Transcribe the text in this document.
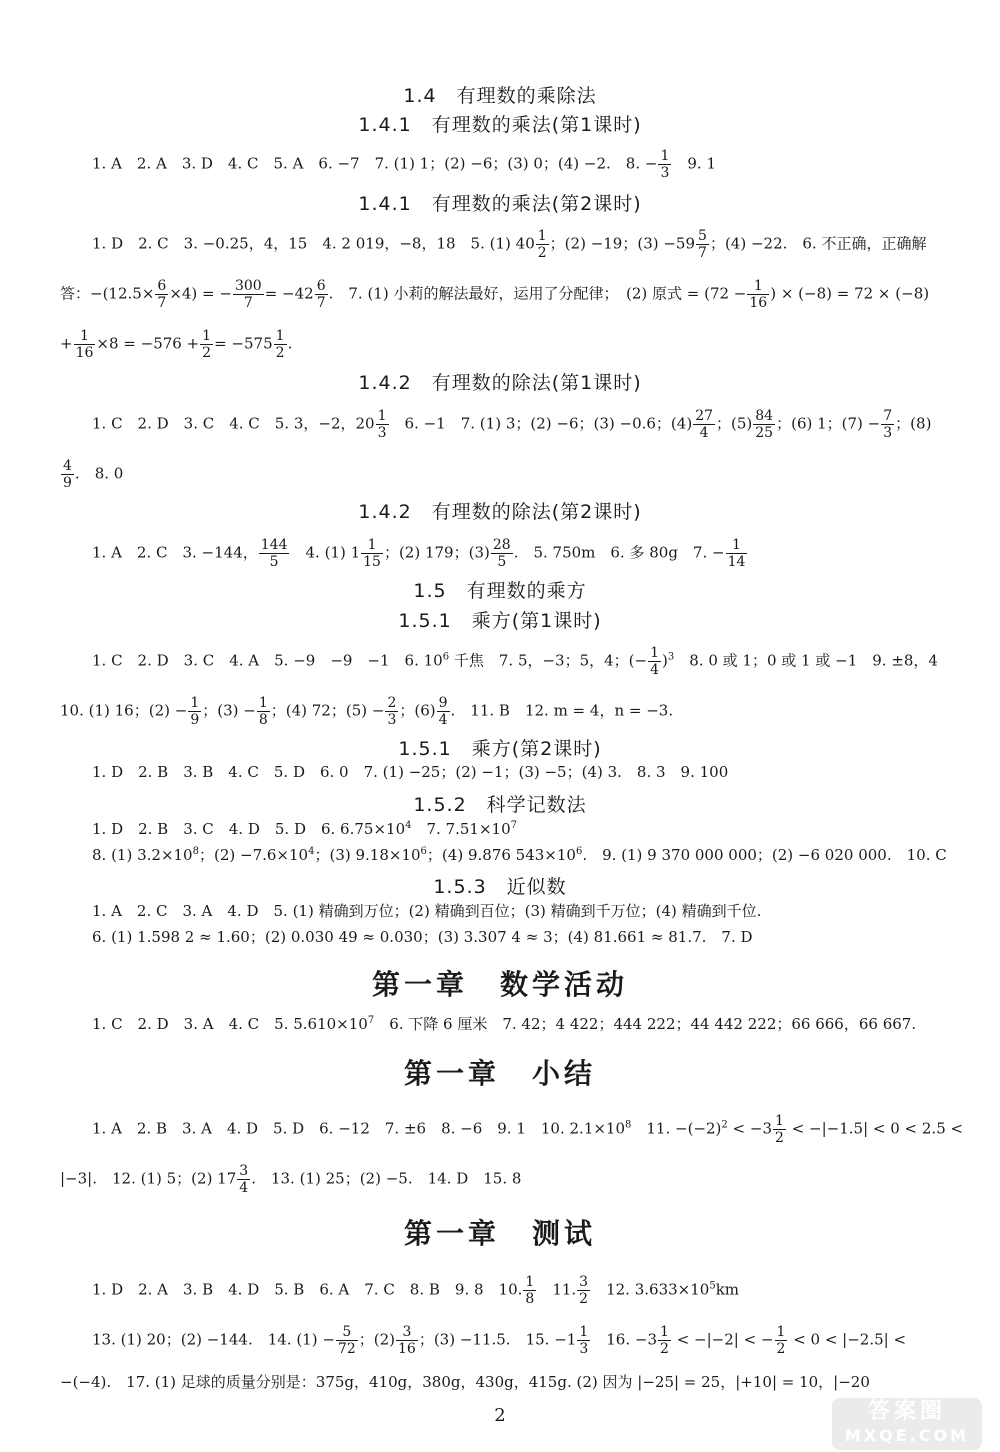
1.4　有理数的乘除法
1.4.1　有理数的乘法(第1课时)
1. A　2. A　3. D　4. C　5. A　6. −7　7. (1) 1；(2) −6；(3) 0；(4) −2.　8. − $\frac{1}{3}$ 　9. 1
1.4.1　有理数的乘法(第2课时)
1. D　2. C　3. −0.25，4，15　4. 2 019，−8，18　5. (1) $40 \frac{1}{2}$ ；(2) −19；$(3) -59 \frac{5}{7}$ ；(4) −22.　6. 不正确，正确解
答：$-(12.5\times \frac{6}{7} \times 4)$ = − $\frac{300}{7} = -42 \frac{6}{7}$ .　7. (1) 小莉的解法最好，运用了分配律；　(2) 原式 = ($72 - \frac{1}{16}$ ) × (−8) = 72 × (−8)
+ $\frac{1}{16} \times 8 = -576 + \frac{1}{2} = -575 \frac{1}{2}$ .
1.4.2　有理数的除法(第1课时)
1. C　2. D　3. C　4. C　5. 3，−2，$20 \frac{1}{3}$ 　6. −1　7. (1) 3；(2) −6；(3) −0.6；$(4) \frac{27}{4}$ ；$(5) \frac{84}{25}$ ；(6) 1；$(7) - \frac{7}{3}$ ；(8)
$\frac{4}{9}$ .　8. 0
1.4.2　有理数的除法(第2课时)
1. A　2. C　3. −144， $\frac{144}{5}$ 　4. (1) $1 \frac{1}{15}$ ；(2) 179；$(3) \frac{28}{5}$ .　5. 750m　6. 多 80g　7. − $\frac{1}{14}$
1.5　有理数的乘方
1.5.1　乘方(第1课时)
1. C　2. D　3. C　4. A　5. −9　−9　−1　6. $10^6$ 千焦　7. 5，−3；5，4；(− $\frac{1}{4} )^3$　8. 0 或 1；0 或 1 或 −1　9. ±8，4
10. (1) 16；$(2) - \frac{1}{9}$ ；$(3) - \frac{1}{8}$ ；(4) 72；$(5) - \frac{2}{3}$ ；$(6) \frac{9}{4}$ .　11. B　12. m = 4，n = −3.
1.5.1　乘方(第2课时)
1. D　2. B　3. B　4. C　5. D　6. 0　7. (1) −25；(2) −1；(3) −5；(4) 3.　8. 3　9. 100
1.5.2　科学记数法
1. D　2. B　3. C　4. D　5. D　6. $6.75\times 10^4$　7. $7.51\times 10^7$
8. (1) $3.2\times 10^8$；$(2) -7.6\times 10^4$；(3) $9.18\times 10^6$；(4) 9.876 $543\times 10^6$.　9. (1) 9 370 000 000；(2) −6 020 000.　10. C
1.5.3　近似数
1. A　2. C　3. A　4. D　5. (1) 精确到万位；(2) 精确到百位；(3) 精确到千万位；(4) 精确到千位.
6. (1) 1.598 2 ≈ 1.60；(2) 0.030 49 ≈ 0.030；(3) 3.307 4 ≈ 3；(4) 81.661 ≈ 81.7.　7. D
第一章　数学活动
1. C　2. D　3. A　4. C　5. $5.610\times 10^7$　6. 下降 6 厘米　7. 42；4 422；444 222；44 442 222；66 666，66 667.
第一章　小结
1. A　2. B　3. A　4. D　5. D　6. −12　7. ±6　8. −6　9. 1　10. $2.1\times 10^8$　11. $-(-2)^2 < -3 \frac{1}{2} < -|-1.5| < 0 < 2.5$ <
|−3|.　12. (1) 5；(2) $17 \frac{3}{4}$ .　13. (1) 25；(2) −5.　14. D　15. 8
第一章　测试
1. D　2. A　3. B　4. D　5. B　6. A　7. C　8. B　9. 8　10. $\frac{1}{8}$ 　11. $\frac{3}{2}$ 　12. $3.633\times 10^5km$
13. (1) 20；(2) −144.　14. $(1) - \frac{5}{72}$ ；$(2) \frac{3}{16}$ ；(3) −11.5.　15. $-1 \frac{1}{3}$ 　16. $-3 \frac{1}{2} < -|-2|$ < − $\frac{1}{2} < 0 < |-2.5|$ <
−(−4).　17. (1) 足球的质量分别是：375g，410g，380g，430g，415g. (2) 因为 |−25| = 25，|+10| = 10，|−20
2	答案圈
MXQE.COM
